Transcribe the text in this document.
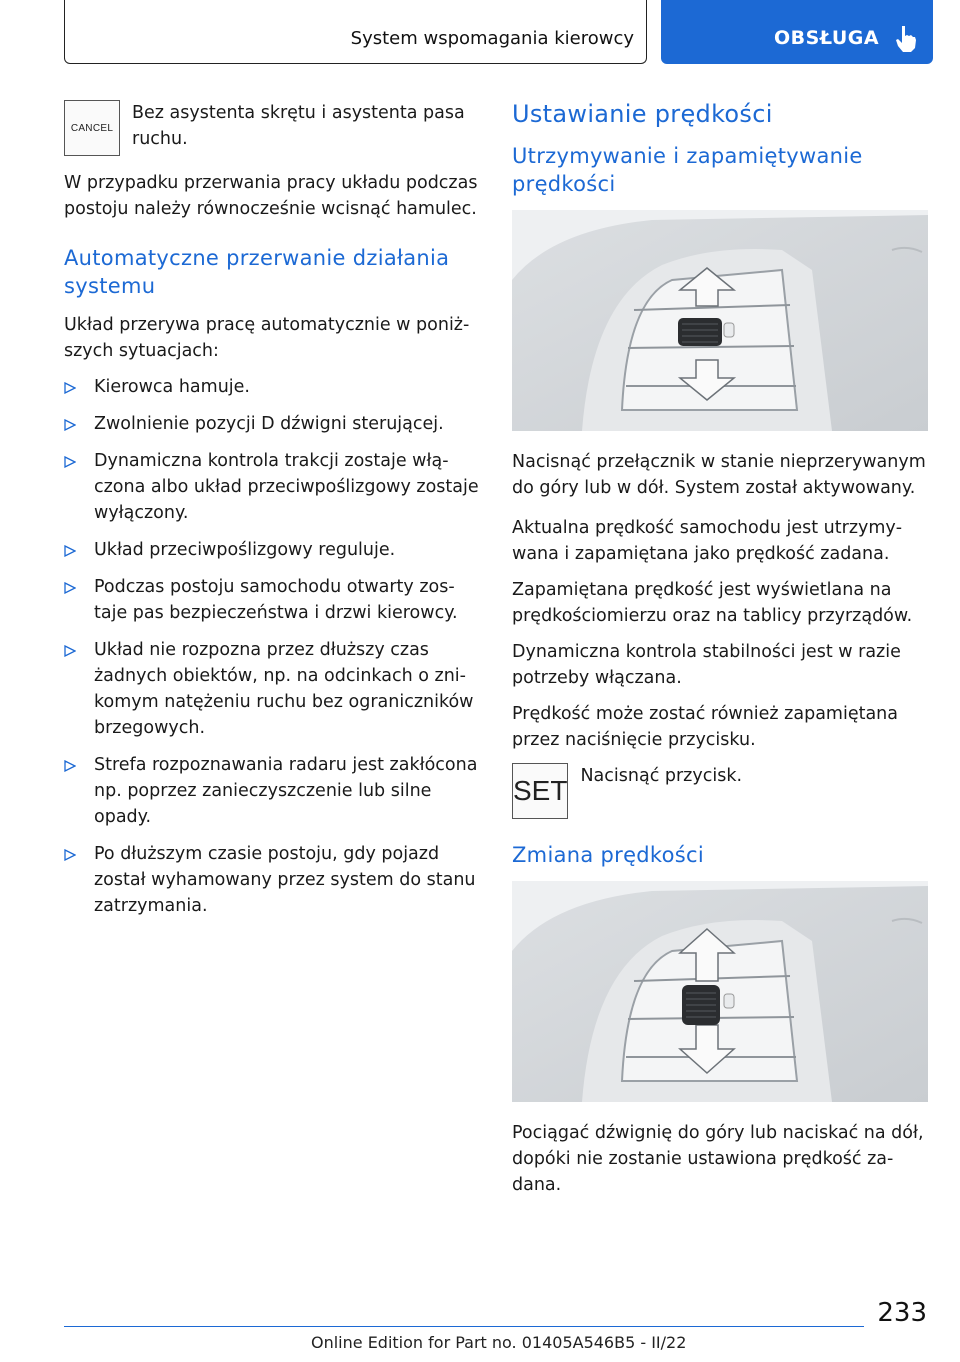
System wspomagania kierowcy	OBSŁUGA
CANCEL

Bez asystenta skrętu i asystenta pasa ruchu.

W przypadku przerwania pracy układu podczas postoju należy równocześnie wcisnąć hamulec.

Automatyczne przerwanie działania systemu

Układ przerywa pracę automatycznie w poniższych sytuacjach:

Kierowca hamuje.
Zwolnienie pozycji D dźwigni sterującej.
Dynamiczna kontrola trakcji zostaje włączona albo układ przeciwpoślizgowy zostaje wyłączony.
Układ przeciwpoślizgowy reguluje.
Podczas postoju samochodu otwarty zostaje pas bezpieczeństwa i drzwi kierowcy.
Układ nie rozpozna przez dłuższy czas żadnych obiektów, np. na odcinkach o znikomym natężeniu ruchu bez ograniczników brzegowych.
Strefa rozpoznawania radaru jest zakłócona np. poprzez zanieczyszczenie lub silne opady.
Po dłuższym czasie postoju, gdy pojazd został wyhamowany przez system do stanu zatrzymania.
Ustawianie prędkości
Utrzymywanie i zapamiętywanie prędkości

Nacisnąć przełącznik w stanie nieprzerywanym do góry lub w dół. System został aktywowany.

Aktualna prędkość samochodu jest utrzymywana i zapamiętana jako prędkość zadana.

Zapamiętana prędkość jest wyświetlana na prędkościomierzu oraz na tablicy przyrządów.

Dynamiczna kontrola stabilności jest w razie potrzeby włączana.

Prędkość może zostać również zapamiętana przez naciśnięcie przycisku.

SET Nacisnąć przycisk.

Zmiana prędkości

Pociągać dźwignię do góry lub naciskać na dół, dopóki nie zostanie ustawiona prędkość zadana.

233
Online Edition for Part no. 01405A546B5 - II/22
